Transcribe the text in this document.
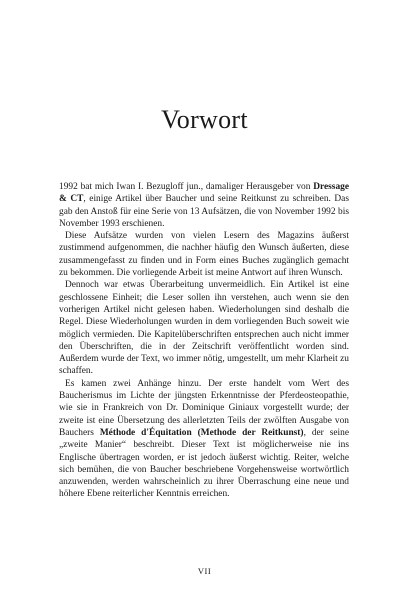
Vorwort

1992 bat mich Iwan I. Bezugloff jun., damaliger Herausgeber von Dressage & CT, einige Artikel über Baucher und seine Reitkunst zu schreiben. Das gab den Anstoß für eine Serie von 13 Aufsätzen, die von November 1992 bis November 1993 erschienen.

Diese Aufsätze wurden von vielen Lesern des Magazins äußerst zustimmend aufgenommen, die nachher häufig den Wunsch äußerten, diese zusammengefasst zu finden und in Form eines Buches zugänglich gemacht zu bekommen. Die vorliegende Arbeit ist meine Antwort auf ihren Wunsch.

Dennoch war etwas Überarbeitung unvermeidlich. Ein Artikel ist eine geschlossene Einheit; die Leser sollen ihn verstehen, auch wenn sie den vorherigen Artikel nicht gelesen haben. Wiederholungen sind deshalb die Regel. Diese Wiederholungen wurden in dem vorliegenden Buch soweit wie möglich vermieden. Die Kapitelüberschriften entsprechen auch nicht immer den Überschriften, die in der Zeitschrift veröffentlicht worden sind. Außerdem wurde der Text, wo immer nötig, umgestellt, um mehr Klarheit zu schaffen.

Es kamen zwei Anhänge hinzu. Der erste handelt vom Wert des Baucherismus im Lichte der jüngsten Erkenntnisse der Pferdeosteopathie, wie sie in Frankreich von Dr. Dominique Giniaux vorgestellt wurde; der zweite ist eine Übersetzung des allerletzten Teils der zwölften Ausgabe von Bauchers Méthode d'Équitation (Methode der Reitkunst), der seine „zweite Manier“ beschreibt. Dieser Text ist möglicherweise nie ins Englische übertragen worden, er ist jedoch äußerst wichtig. Reiter, welche sich bemühen, die von Baucher beschriebene Vorgehensweise wortwörtlich anzuwenden, werden wahrscheinlich zu ihrer Überraschung eine neue und höhere Ebene reiterlicher Kenntnis erreichen.

VII
